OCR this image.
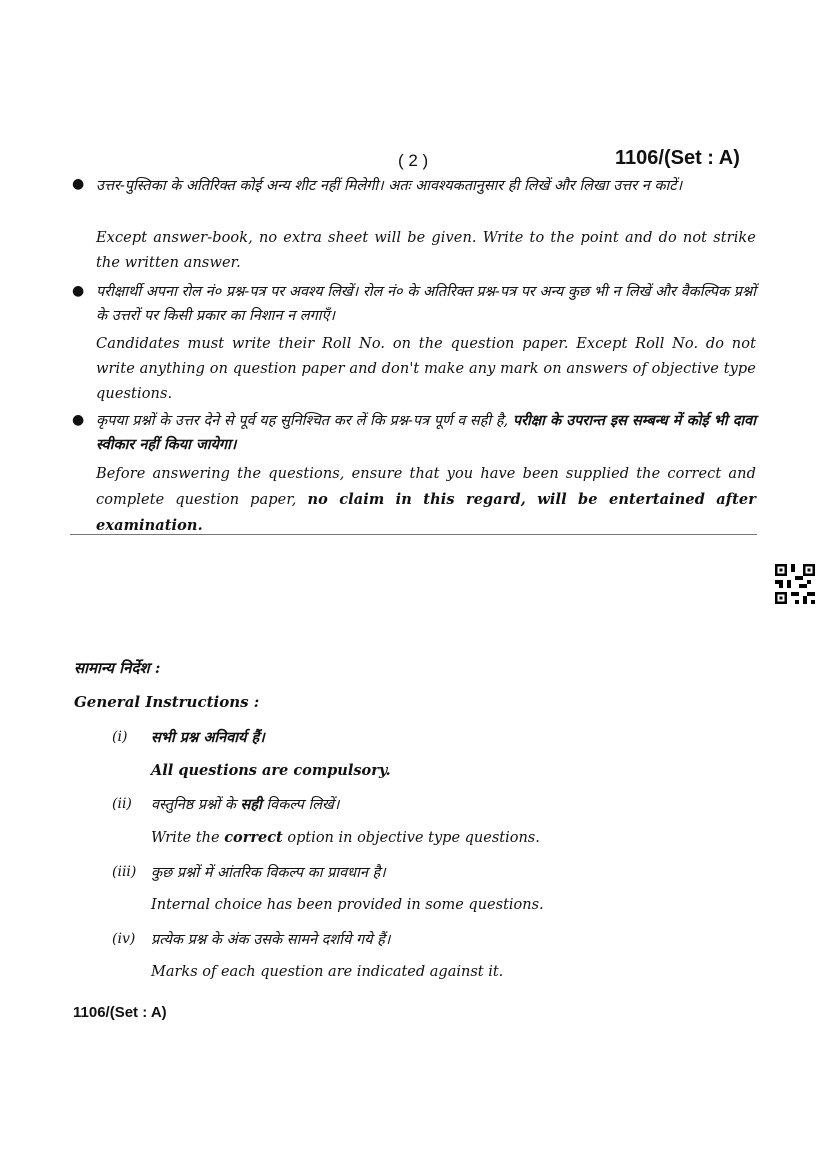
( 2 )	1106/(Set : A)
● उत्तर-पुस्तिका के अतिरिक्त कोई अन्य शीट नहीं मिलेगी। अतः आवश्यकतानुसार ही लिखें और लिखा उत्तर न काटें।
Except answer-book, no extra sheet will be given. Write to the point and do not strike the written answer.
● परीक्षार्थी अपना रोल नं० प्रश्न-पत्र पर अवश्य लिखें। रोल नं० के अतिरिक्त प्रश्न-पत्र पर अन्य कुछ भी न लिखें और वैकल्पिक प्रश्नों के उत्तरों पर किसी प्रकार का निशान न लगाएँ।
Candidates must write their Roll No. on the question paper. Except Roll No. do not write anything on question paper and don't make any mark on answers of objective type questions.
● कृपया प्रश्नों के उत्तर देने से पूर्व यह सुनिश्चित कर लें कि प्रश्न-पत्र पूर्ण व सही है, परीक्षा के उपरान्त इस सम्बन्ध में कोई भी दावा स्वीकार नहीं किया जायेगा।
Before answering the questions, ensure that you have been supplied the correct and complete question paper, no claim in this regard, will be entertained after examination.
सामान्य निर्देश :
General Instructions :
(i) सभी प्रश्न अनिवार्य हैं।
All questions are compulsory.
(ii) वस्तुनिष्ठ प्रश्नों के सही विकल्प लिखें।
Write the correct option in objective type questions.
(iii) कुछ प्रश्नों में आंतरिक विकल्प का प्रावधान है।
Internal choice has been provided in some questions.
(iv) प्रत्येक प्रश्न के अंक उसके सामने दर्शाये गये हैं।
Marks of each question are indicated against it.
1106/(Set : A)
